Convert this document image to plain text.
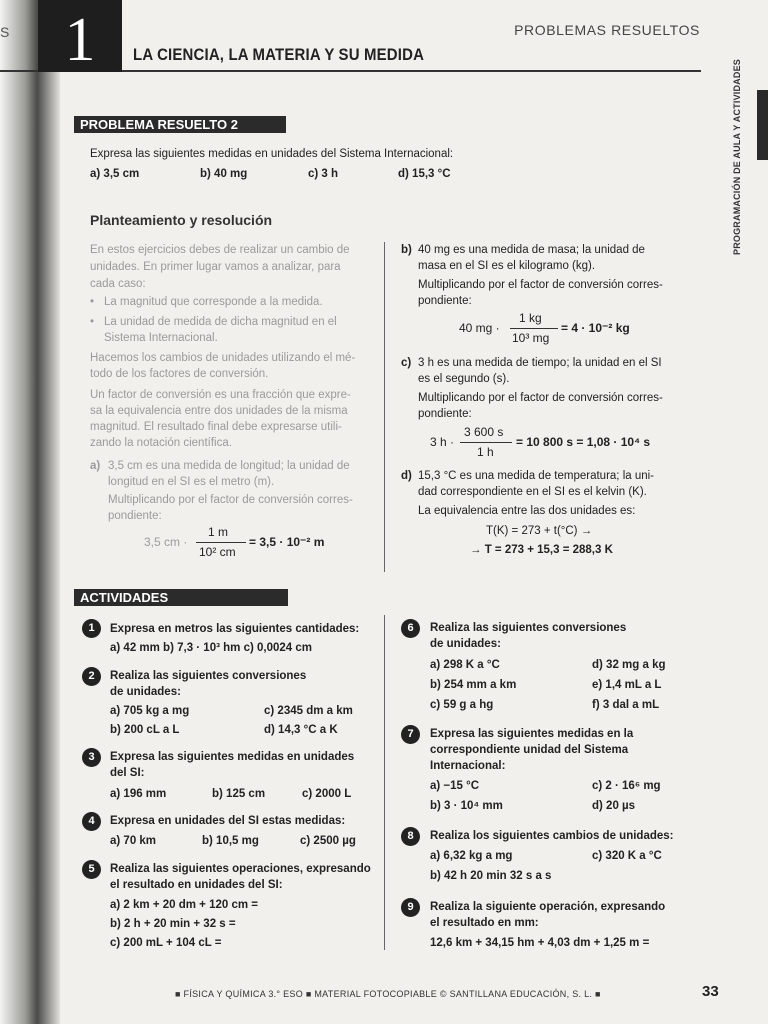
S 1	LA CIENCIA, LA MATERIA Y SU MEDIDA
PROBLEMAS RESUELTOS
PROGRAMACIÓN DE AULA Y ACTIVIDADES
PROBLEMA RESUELTO 2
Expresa las siguientes medidas en unidades del Sistema Internacional:
a) 3,5 cm	b) 40 mg	c) 3 h	d) 15,3 °C
Planteamiento y resolución
En estos ejercicios debes de realizar un cambio de
unidades. En primer lugar vamos a analizar, para
cada caso:
• La magnitud que corresponde a la medida.
• La unidad de medida de dicha magnitud en el
Sistema Internacional.
Hacemos los cambios de unidades utilizando el mé-
todo de los factores de conversión.
Un factor de conversión es una fracción que expre-
sa la equivalencia entre dos unidades de la misma
magnitud. El resultado final debe expresarse utili-
zando la notación científica.
a) 3,5 cm es una medida de longitud; la unidad de
longitud en el SI es el metro (m).
Multiplicando por el factor de conversión corres-
pondiente:
3,5 cm ·
1 m
10² cm
= 3,5 · 10⁻² m
b) 40 mg es una medida de masa; la unidad de
masa en el SI es el kilogramo (kg).
Multiplicando por el factor de conversión corres-
pondiente:
40 mg ·
1 kg
10³ mg
= 4 · 10⁻² kg
c) 3 h es una medida de tiempo; la unidad en el SI
es el segundo (s).
Multiplicando por el factor de conversión corres-
pondiente:
3 h ·
3 600 s
1 h
= 10 800 s = 1,08 · 10⁴ s
d) 15,3 °C es una medida de temperatura; la uni-
dad correspondiente en el SI es el kelvin (K).
La equivalencia entre las dos unidades es:
T(K) = 273 + t(°C) →
→ T = 273 + 15,3 = 288,3 K
ACTIVIDADES
1	Expresa en metros las siguientes cantidades:
a) 42 mm b) 7,3 · 10³ hm c) 0,0024 cm
2	Realiza las siguientes conversiones
de unidades:
a) 705 kg a mg	c) 2345 dm a km
b) 200 cL a L	d) 14,3 °C a K
3	Expresa las siguientes medidas en unidades
del SI:
a) 196 mm	b) 125 cm	c) 2000 L
4	Expresa en unidades del SI estas medidas:
a) 70 km	b) 10,5 mg	c) 2500 µg
5	Realiza las siguientes operaciones, expresando
el resultado en unidades del SI:
a) 2 km + 20 dm + 120 cm =
b) 2 h + 20 min + 32 s =
c) 200 mL + 104 cL =
6	Realiza las siguientes conversiones
de unidades:
a) 298 K a °C	d) 32 mg a kg
b) 254 mm a km	e) 1,4 mL a L
c) 59 g a hg	f) 3 dal a mL
7	Expresa las siguientes medidas en la
correspondiente unidad del Sistema
Internacional:
a) −15 °C	c) 2 · 16⁶ mg
b) 3 · 10⁴ mm	d) 20 µs
8	Realiza los siguientes cambios de unidades:
a) 6,32 kg a mg	c) 320 K a °C
b) 42 h 20 min 32 s a s
9	Realiza la siguiente operación, expresando
el resultado en mm:
12,6 km + 34,15 hm + 4,03 dm + 1,25 m =
■ FÍSICA Y QUÍMICA 3.° ESO ■ MATERIAL FOTOCOPIABLE © SANTILLANA EDUCACIÓN, S. L. ■	33
